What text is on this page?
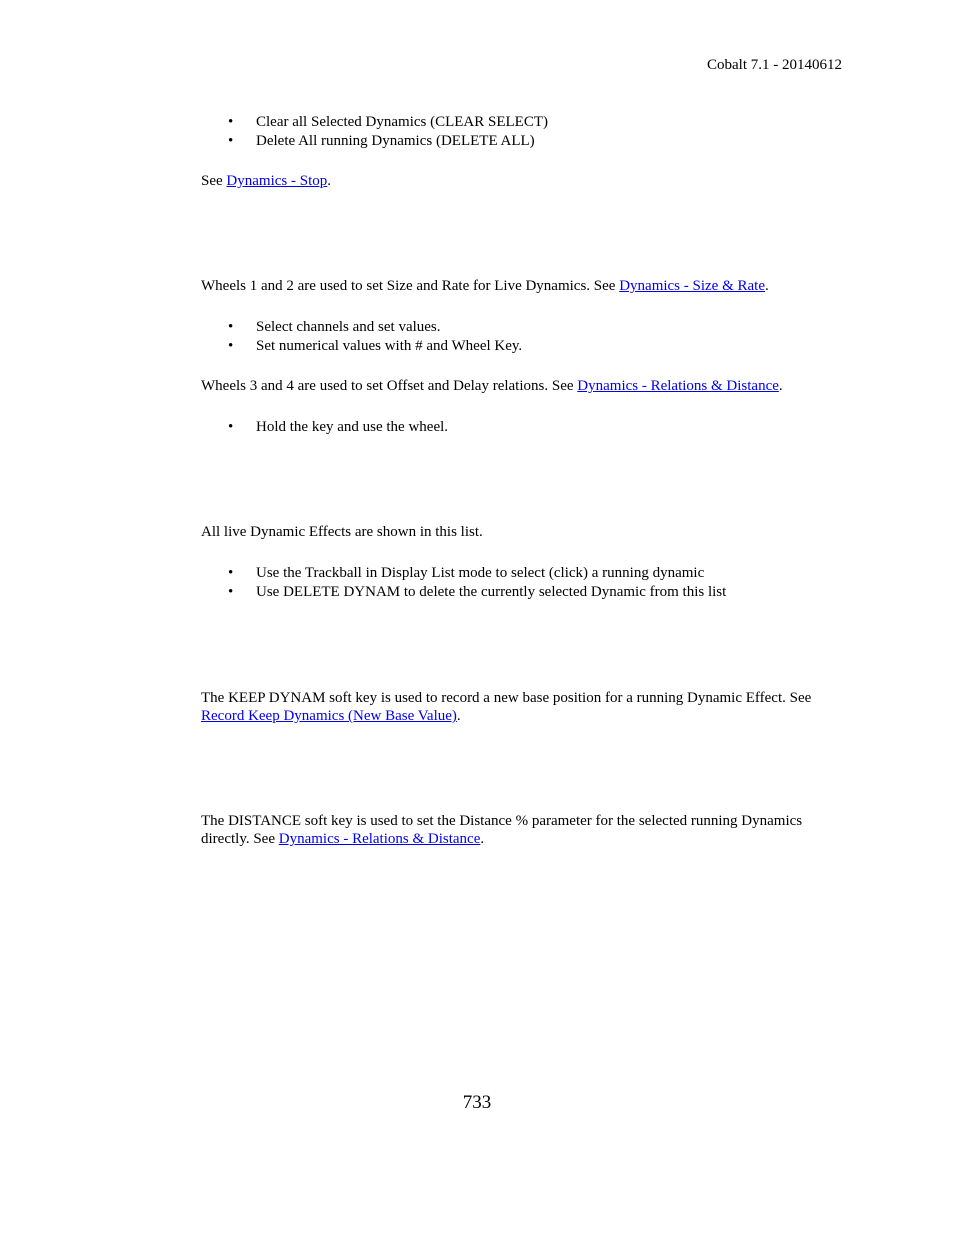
Cobalt 7.1 - 20140612

• Clear all Selected Dynamics (CLEAR SELECT)
• Delete All running Dynamics (DELETE ALL)

See Dynamics - Stop.

Wheels 1 and 2 are used to set Size and Rate for Live Dynamics. See Dynamics - Size & Rate.

• Select channels and set values.
• Set numerical values with # and Wheel Key.

Wheels 3 and 4 are used to set Offset and Delay relations. See Dynamics - Relations & Distance.

• Hold the key and use the wheel.

All live Dynamic Effects are shown in this list.

• Use the Trackball in Display List mode to select (click) a running dynamic
• Use DELETE DYNAM to delete the currently selected Dynamic from this list

The KEEP DYNAM soft key is used to record a new base position for a running Dynamic Effect. See

Record Keep Dynamics (New Base Value).

The DISTANCE soft key is used to set the Distance % parameter for the selected running Dynamics

directly. See Dynamics - Relations & Distance.

733
